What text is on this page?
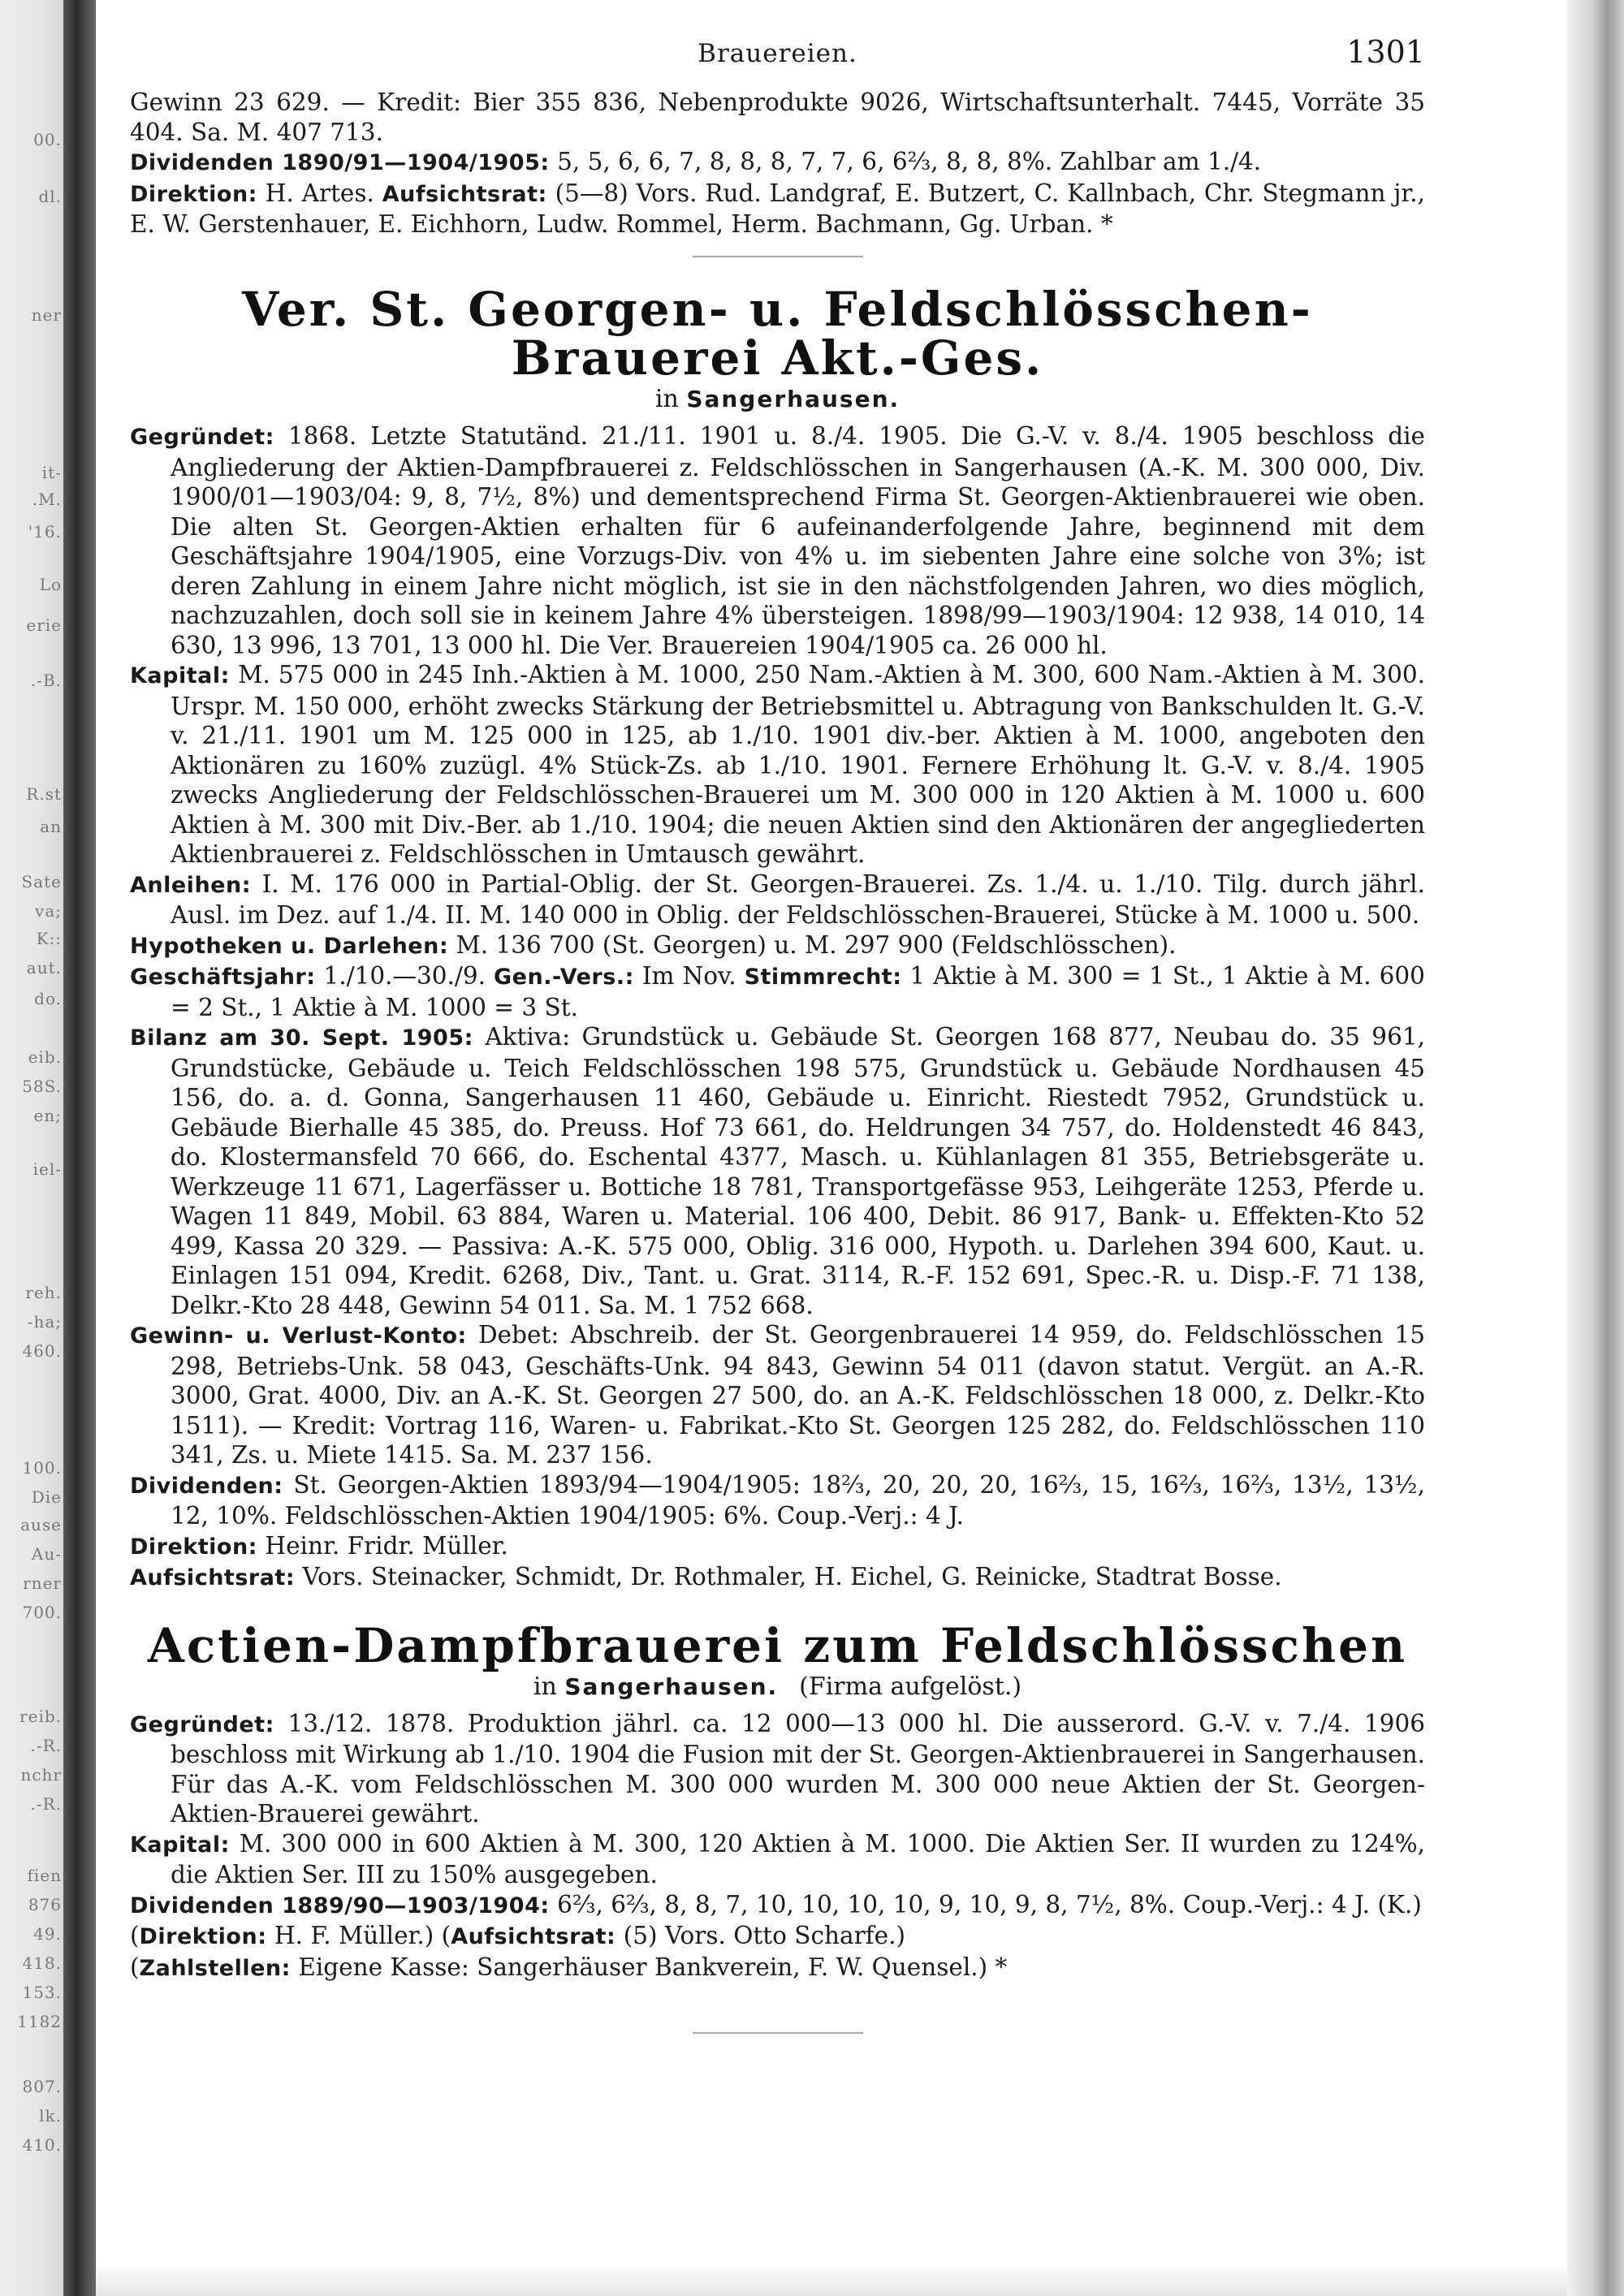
00.
dl.
ner
it-
.M.
'16.
Lo
erie
.-B.
R.st
an
Sate
va;
K::
aut.
do.
eib.
58S.
en;
iel-
reh.
-ha;
460.
100.
Die
ause
Au-
rner
700.
reib.
.-R.
nchr
.-R.
fien
876
49.
418.
153.
1182
807.
lk.
410.
Brauereien.	1301

Gewinn 23 629. — Kredit: Bier 355 836, Nebenprodukte 9026, Wirtschaftsunterhalt. 7445, Vorräte 35 404. Sa. M. 407 713.

Dividenden 1890/91—1904/1905: 5, 5, 6, 6, 7, 8, 8, 8, 7, 7, 6, 6⅔, 8, 8, 8%. Zahlbar am 1./4.

Direktion: H. Artes. Aufsichtsrat: (5—8) Vors. Rud. Landgraf, E. Butzert, C. Kallnbach, Chr. Stegmann jr., E. W. Gerstenhauer, E. Eichhorn, Ludw. Rommel, Herm. Bachmann, Gg. Urban. *

Ver. St. Georgen- u. Feldschlösschen-Brauerei Akt.-Ges.
in Sangerhausen.

Gegründet: 1868. Letzte Statutänd. 21./11. 1901 u. 8./4. 1905. Die G.-V. v. 8./4. 1905 beschloss die Angliederung der Aktien-Dampfbrauerei z. Feldschlösschen in Sangerhausen (A.-K. M. 300 000, Div. 1900/01—1903/04: 9, 8, 7½, 8%) und dementsprechend Firma St. Georgen-Aktienbrauerei wie oben. Die alten St. Georgen-Aktien erhalten für 6 aufeinanderfolgende Jahre, beginnend mit dem Geschäftsjahre 1904/1905, eine Vorzugs-Div. von 4% u. im siebenten Jahre eine solche von 3%; ist deren Zahlung in einem Jahre nicht möglich, ist sie in den nächstfolgenden Jahren, wo dies möglich, nachzuzahlen, doch soll sie in keinem Jahre 4% übersteigen. 1898/99—1903/1904: 12 938, 14 010, 14 630, 13 996, 13 701, 13 000 hl. Die Ver. Brauereien 1904/1905 ca. 26 000 hl.

Kapital: M. 575 000 in 245 Inh.-Aktien à M. 1000, 250 Nam.-Aktien à M. 300, 600 Nam.-Aktien à M. 300. Urspr. M. 150 000, erhöht zwecks Stärkung der Betriebsmittel u. Abtragung von Bankschulden lt. G.-V. v. 21./11. 1901 um M. 125 000 in 125, ab 1./10. 1901 div.-ber. Aktien à M. 1000, angeboten den Aktionären zu 160% zuzügl. 4% Stück-Zs. ab 1./10. 1901. Fernere Erhöhung lt. G.-V. v. 8./4. 1905 zwecks Angliederung der Feldschlösschen-Brauerei um M. 300 000 in 120 Aktien à M. 1000 u. 600 Aktien à M. 300 mit Div.-Ber. ab 1./10. 1904; die neuen Aktien sind den Aktionären der angegliederten Aktienbrauerei z. Feldschlösschen in Umtausch gewährt.

Anleihen: I. M. 176 000 in Partial-Oblig. der St. Georgen-Brauerei. Zs. 1./4. u. 1./10. Tilg. durch jährl. Ausl. im Dez. auf 1./4. II. M. 140 000 in Oblig. der Feldschlösschen-Brauerei, Stücke à M. 1000 u. 500.

Hypotheken u. Darlehen: M. 136 700 (St. Georgen) u. M. 297 900 (Feldschlösschen).

Geschäftsjahr: 1./10.—30./9. Gen.-Vers.: Im Nov. Stimmrecht: 1 Aktie à M. 300 = 1 St., 1 Aktie à M. 600 = 2 St., 1 Aktie à M. 1000 = 3 St.

Bilanz am 30. Sept. 1905: Aktiva: Grundstück u. Gebäude St. Georgen 168 877, Neubau do. 35 961, Grundstücke, Gebäude u. Teich Feldschlösschen 198 575, Grundstück u. Gebäude Nordhausen 45 156, do. a. d. Gonna, Sangerhausen 11 460, Gebäude u. Einricht. Riestedt 7952, Grundstück u. Gebäude Bierhalle 45 385, do. Preuss. Hof 73 661, do. Heldrungen 34 757, do. Holdenstedt 46 843, do. Klostermansfeld 70 666, do. Eschental 4377, Masch. u. Kühlanlagen 81 355, Betriebsgeräte u. Werkzeuge 11 671, Lagerfässer u. Bottiche 18 781, Transportgefässe 953, Leihgeräte 1253, Pferde u. Wagen 11 849, Mobil. 63 884, Waren u. Material. 106 400, Debit. 86 917, Bank- u. Effekten-Kto 52 499, Kassa 20 329. — Passiva: A.-K. 575 000, Oblig. 316 000, Hypoth. u. Darlehen 394 600, Kaut. u. Einlagen 151 094, Kredit. 6268, Div., Tant. u. Grat. 3114, R.-F. 152 691, Spec.-R. u. Disp.-F. 71 138, Delkr.-Kto 28 448, Gewinn 54 011. Sa. M. 1 752 668.

Gewinn- u. Verlust-Konto: Debet: Abschreib. der St. Georgenbrauerei 14 959, do. Feldschlösschen 15 298, Betriebs-Unk. 58 043, Geschäfts-Unk. 94 843, Gewinn 54 011 (davon statut. Vergüt. an A.-R. 3000, Grat. 4000, Div. an A.-K. St. Georgen 27 500, do. an A.-K. Feldschlösschen 18 000, z. Delkr.-Kto 1511). — Kredit: Vortrag 116, Waren- u. Fabrikat.-Kto St. Georgen 125 282, do. Feldschlösschen 110 341, Zs. u. Miete 1415. Sa. M. 237 156.

Dividenden: St. Georgen-Aktien 1893/94—1904/1905: 18⅔, 20, 20, 20, 16⅔, 15, 16⅔, 16⅔, 13½, 13½, 12, 10%. Feldschlösschen-Aktien 1904/1905: 6%. Coup.-Verj.: 4 J.

Direktion: Heinr. Fridr. Müller.

Aufsichtsrat: Vors. Steinacker, Schmidt, Dr. Rothmaler, H. Eichel, G. Reinicke, Stadtrat Bosse.

Actien-Dampfbrauerei zum Feldschlösschen
in Sangerhausen. (Firma aufgelöst.)

Gegründet: 13./12. 1878. Produktion jährl. ca. 12 000—13 000 hl. Die ausserord. G.-V. v. 7./4. 1906 beschloss mit Wirkung ab 1./10. 1904 die Fusion mit der St. Georgen-Aktienbrauerei in Sangerhausen. Für das A.-K. vom Feldschlösschen M. 300 000 wurden M. 300 000 neue Aktien der St. Georgen-Aktien-Brauerei gewährt.

Kapital: M. 300 000 in 600 Aktien à M. 300, 120 Aktien à M. 1000. Die Aktien Ser. II wurden zu 124%, die Aktien Ser. III zu 150% ausgegeben.

Dividenden 1889/90—1903/1904: 6⅔, 6⅔, 8, 8, 7, 10, 10, 10, 10, 9, 10, 9, 8, 7½, 8%. Coup.-Verj.: 4 J. (K.)

(Direktion: H. F. Müller.) (Aufsichtsrat: (5) Vors. Otto Scharfe.)

(Zahlstellen: Eigene Kasse: Sangerhäuser Bankverein, F. W. Quensel.) *
